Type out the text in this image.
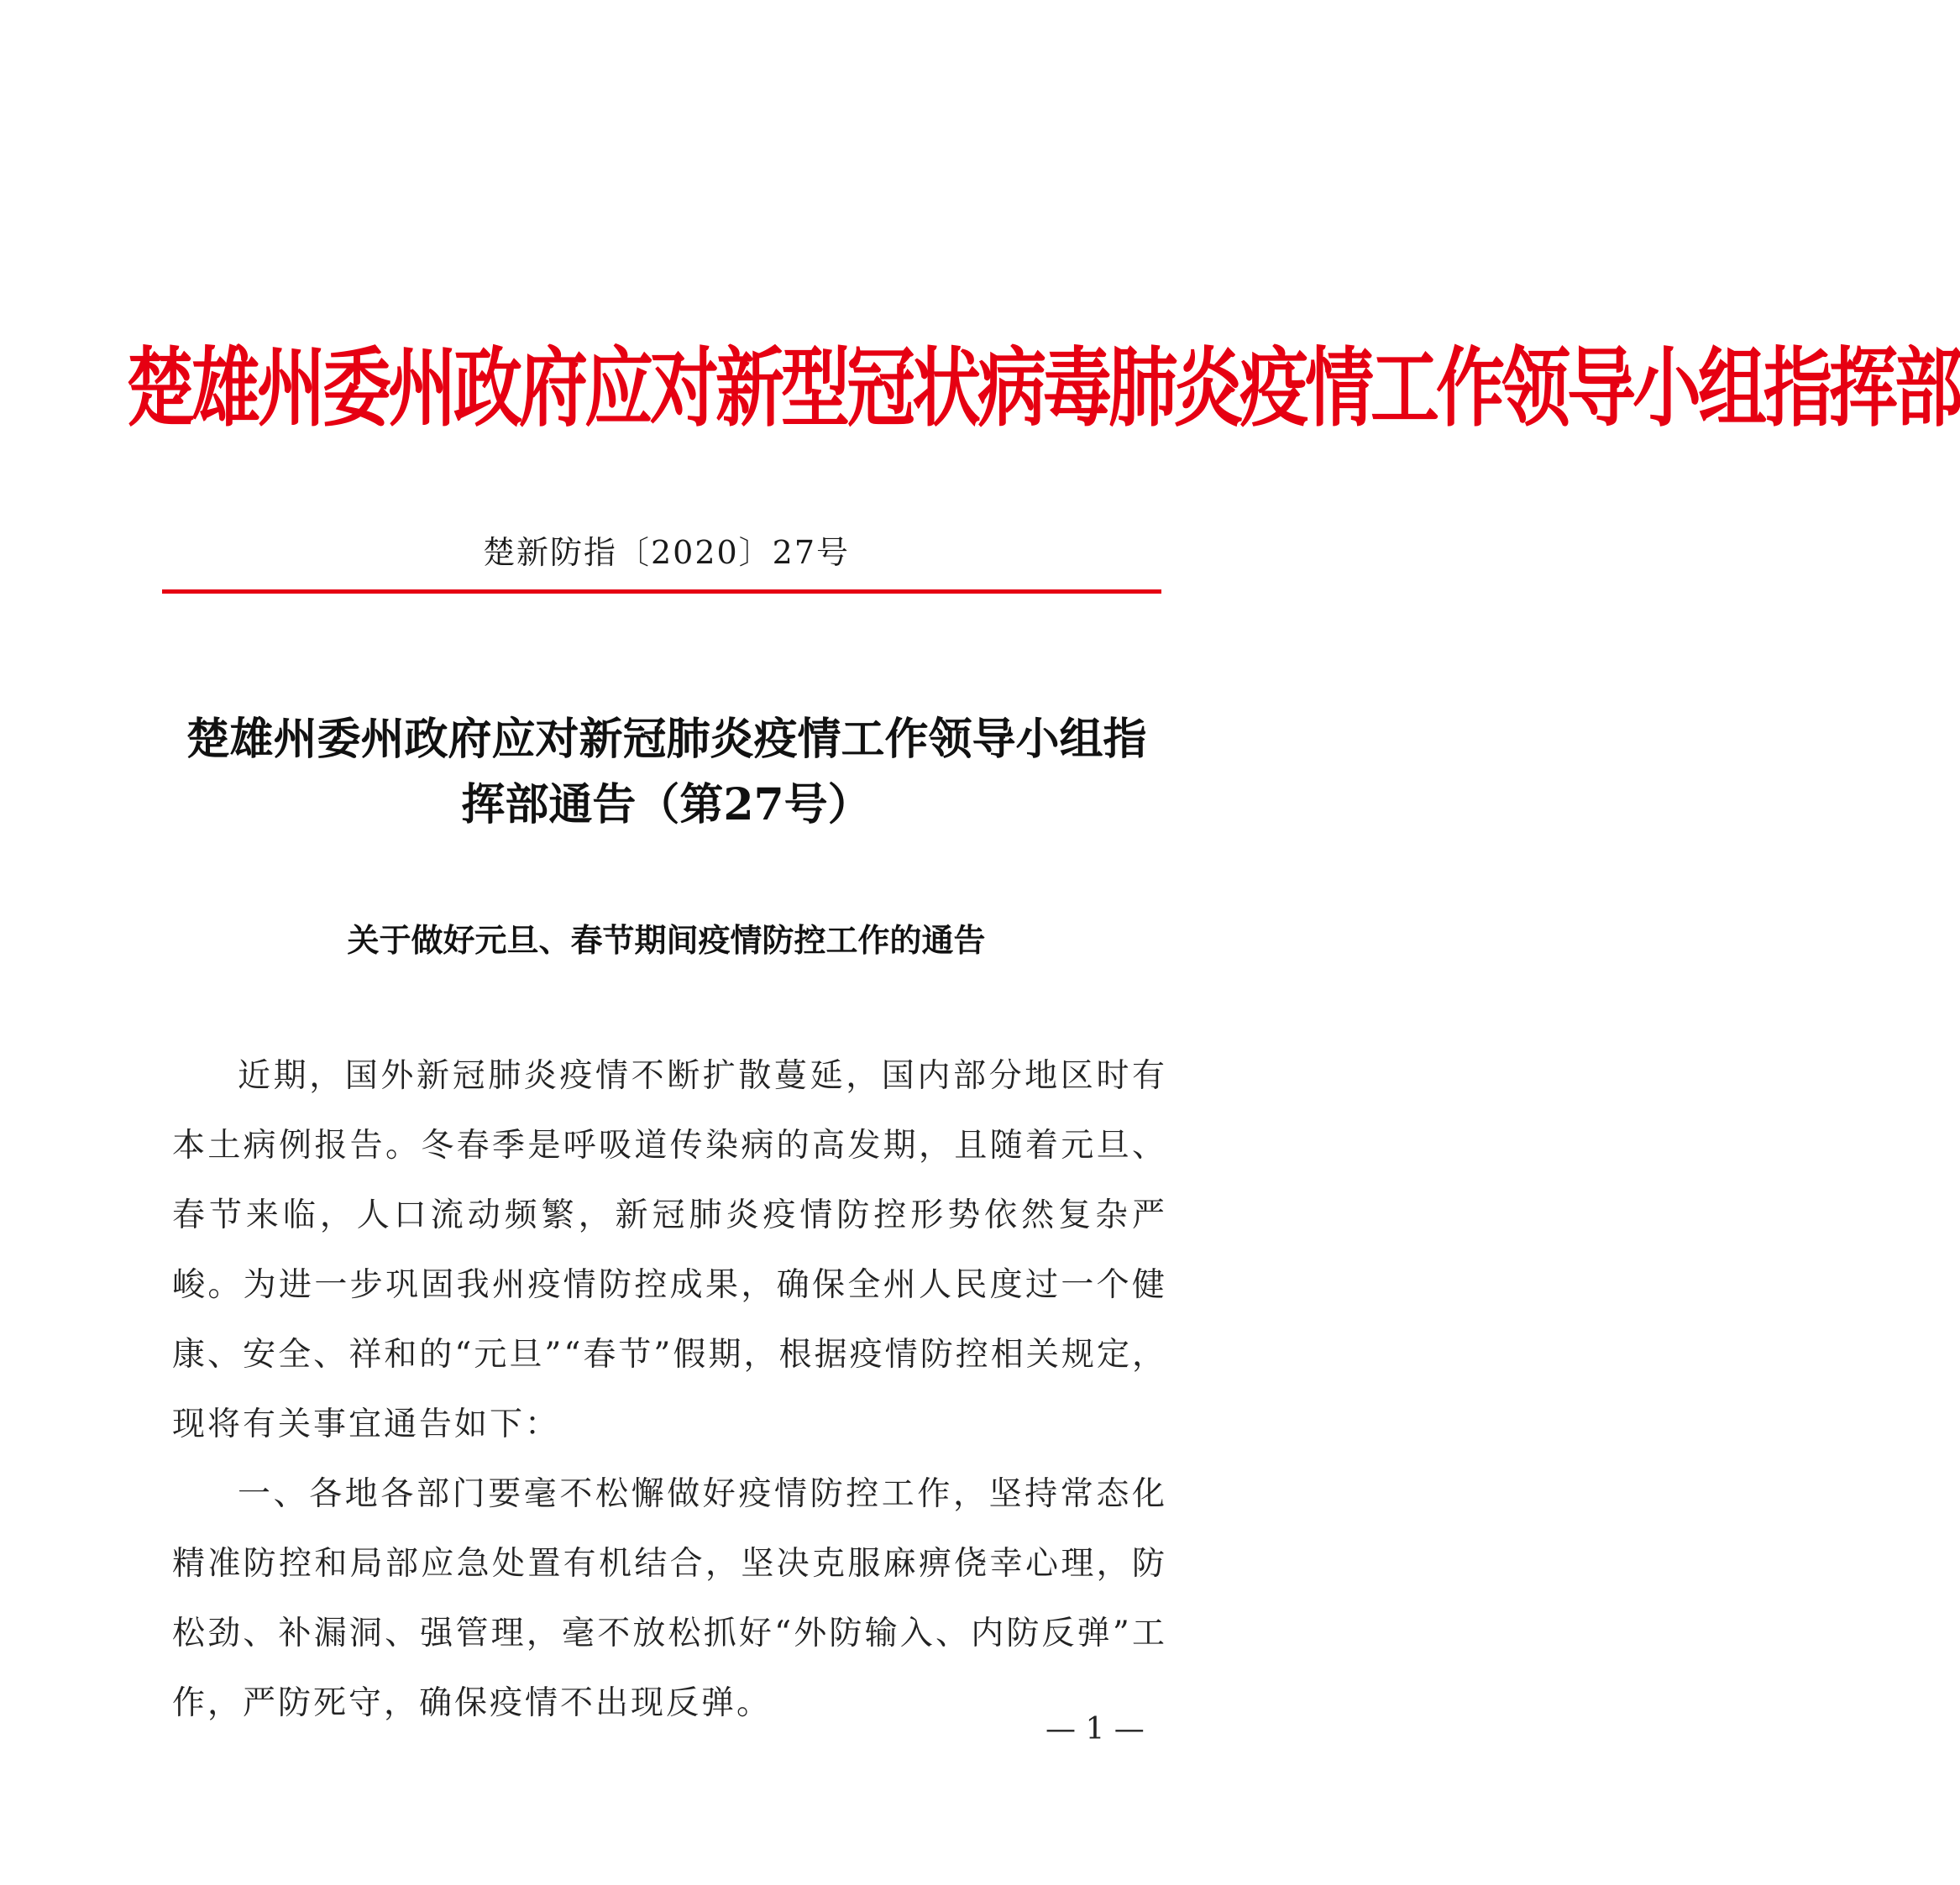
楚雄州委州政府应对新型冠状病毒肺炎疫情工作领导小组指挥部
楚新防指〔2020〕27号
楚雄州委州政府应对新冠肺炎疫情工作领导小组指挥部通告（第27号）
关于做好元旦、春节期间疫情防控工作的通告

近期，国外新冠肺炎疫情不断扩散蔓延，国内部分地区时有本土病例报告。冬春季是呼吸道传染病的高发期，且随着元旦、春节来临，人口流动频繁，新冠肺炎疫情防控形势依然复杂严峻。为进一步巩固我州疫情防控成果，确保全州人民度过一个健康、安全、祥和的“元旦”“春节”假期，根据疫情防控相关规定，现将有关事宜通告如下：

一、各地各部门要毫不松懈做好疫情防控工作，坚持常态化精准防控和局部应急处置有机结合，坚决克服麻痹侥幸心理，防松劲、补漏洞、强管理，毫不放松抓好“外防输入、内防反弹”工作，严防死守，确保疫情不出现反弹。

— 1 —
